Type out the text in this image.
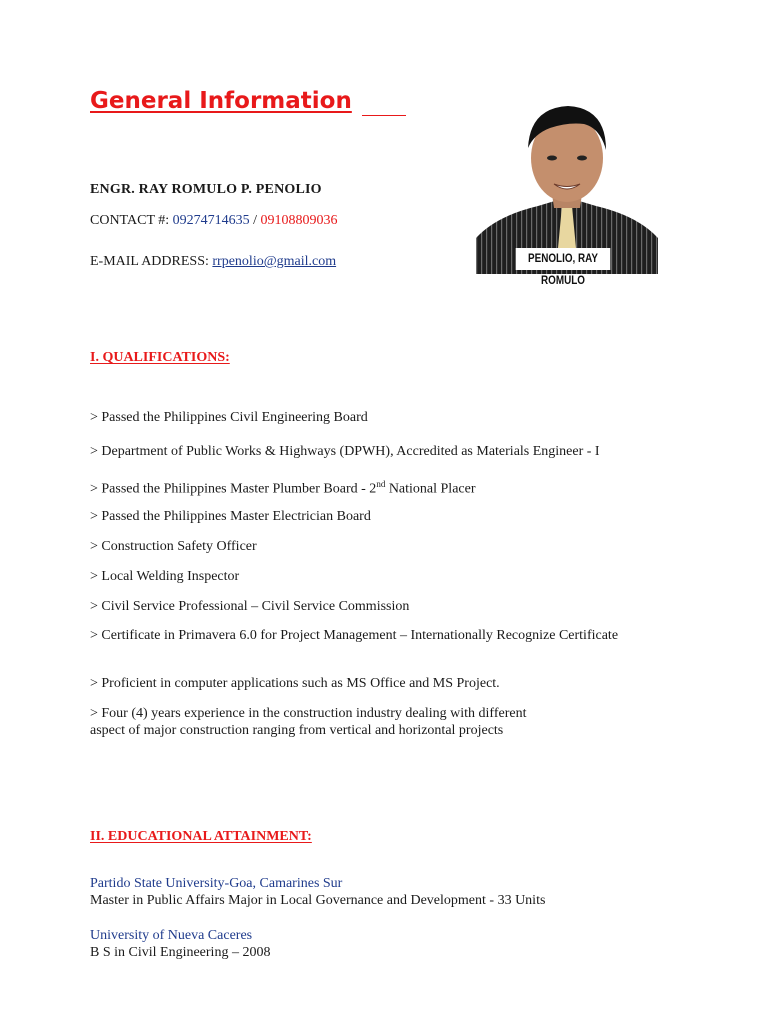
General Information
ENGR. RAY ROMULO P. PENOLIO
CONTACT #: 09274714635 / 09108809036
E-MAIL ADDRESS: rrpenolio@gmail.com	PENOLIO, RAY ROMULO
I. QUALIFICATIONS:
> Passed the Philippines Civil Engineering Board
> Department of Public Works & Highways (DPWH), Accredited as Materials Engineer - I
> Passed the Philippines Master Plumber Board - 2nd National Placer
> Passed the Philippines Master Electrician Board
> Construction Safety Officer
> Local Welding Inspector
> Civil Service Professional – Civil Service Commission
> Certificate in Primavera 6.0 for Project Management – Internationally Recognize Certificate
> Proficient in computer applications such as MS Office and MS Project.
> Four (4) years experience in the construction industry dealing with different
aspect of major construction ranging from vertical and horizontal projects
II. EDUCATIONAL ATTAINMENT:
Partido State University-Goa, Camarines Sur
Master in Public Affairs Major in Local Governance and Development - 33 Units
University of Nueva Caceres
B S in Civil Engineering – 2008
